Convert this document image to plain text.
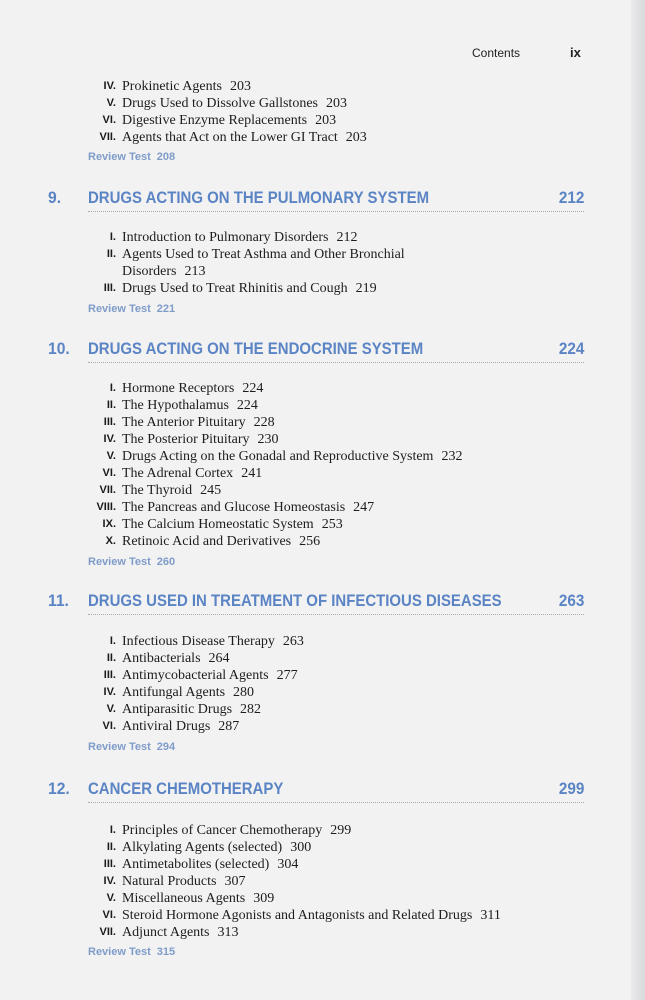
Contents	ix
IV. Prokinetic Agents 203
V. Drugs Used to Dissolve Gallstones 203
VI. Digestive Enzyme Replacements 203
VII. Agents that Act on the Lower GI Tract 203
Review Test 208
9. DRUGS ACTING ON THE PULMONARY SYSTEM	212
I. Introduction to Pulmonary Disorders 212
II. Agents Used to Treat Asthma and Other Bronchial
Disorders 213
III. Drugs Used to Treat Rhinitis and Cough 219
Review Test 221
10. DRUGS ACTING ON THE ENDOCRINE SYSTEM	224
I. Hormone Receptors 224
II. The Hypothalamus 224
III. The Anterior Pituitary 228
IV. The Posterior Pituitary 230
V. Drugs Acting on the Gonadal and Reproductive System 232
VI. The Adrenal Cortex 241
VII. The Thyroid 245
VIII. The Pancreas and Glucose Homeostasis 247
IX. The Calcium Homeostatic System 253
X. Retinoic Acid and Derivatives 256
Review Test 260
11. DRUGS USED IN TREATMENT OF INFECTIOUS DISEASES	263
I. Infectious Disease Therapy 263
II. Antibacterials 264
III. Antimycobacterial Agents 277
IV. Antifungal Agents 280
V. Antiparasitic Drugs 282
VI. Antiviral Drugs 287
Review Test 294
12. CANCER CHEMOTHERAPY	299
I. Principles of Cancer Chemotherapy 299
II. Alkylating Agents (selected) 300
III. Antimetabolites (selected) 304
IV. Natural Products 307
V. Miscellaneous Agents 309
VI. Steroid Hormone Agonists and Antagonists and Related Drugs 311
VII. Adjunct Agents 313
Review Test 315
